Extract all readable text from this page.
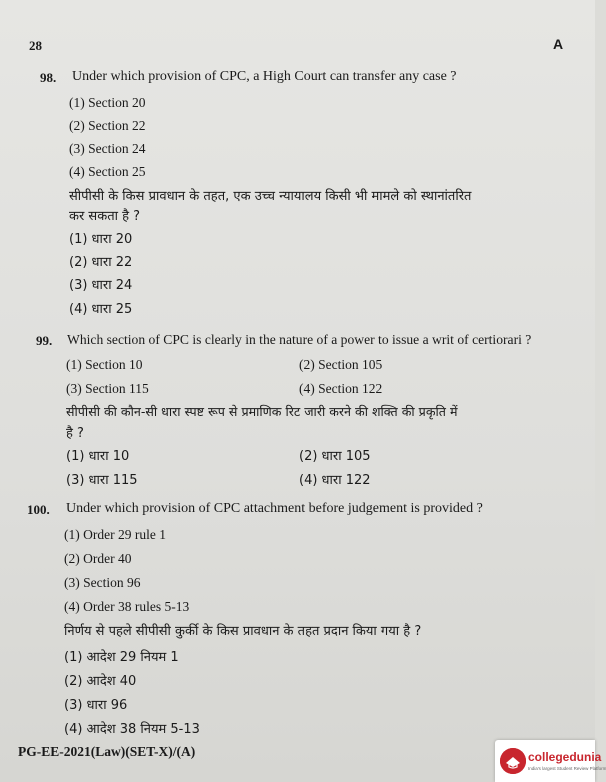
28	A
98. Under which provision of CPC, a High Court can transfer any case ?
(1) Section 20
(2) Section 22
(3) Section 24
(4) Section 25
सीपीसी के किस प्रावधान के तहत, एक उच्च न्यायालय किसी भी मामले को स्थानांतरित
कर सकता है ?
(1) धारा 20
(2) धारा 22
(3) धारा 24
(4) धारा 25
99. Which section of CPC is clearly in the nature of a power to issue a writ of certiorari ?
(1) Section 10	(2) Section 105
(3) Section 115	(4) Section 122
सीपीसी की कौन-सी धारा स्पष्ट रूप से प्रमाणिक रिट जारी करने की शक्ति की प्रकृति में
है ?
(1) धारा 10	(2) धारा 105
(3) धारा 115	(4) धारा 122
100. Under which provision of CPC attachment before judgement is provided ?
(1) Order 29 rule 1
(2) Order 40
(3) Section 96
(4) Order 38 rules 5-13
निर्णय से पहले सीपीसी कुर्की के किस प्रावधान के तहत प्रदान किया गया है ?
(1) आदेश 29 नियम 1
(2) आदेश 40
(3) धारा 96
(4) आदेश 38 नियम 5-13
PG-EE-2021(Law)(SET-X)/(A)	collegedunia
India's largest Student Review Platform
